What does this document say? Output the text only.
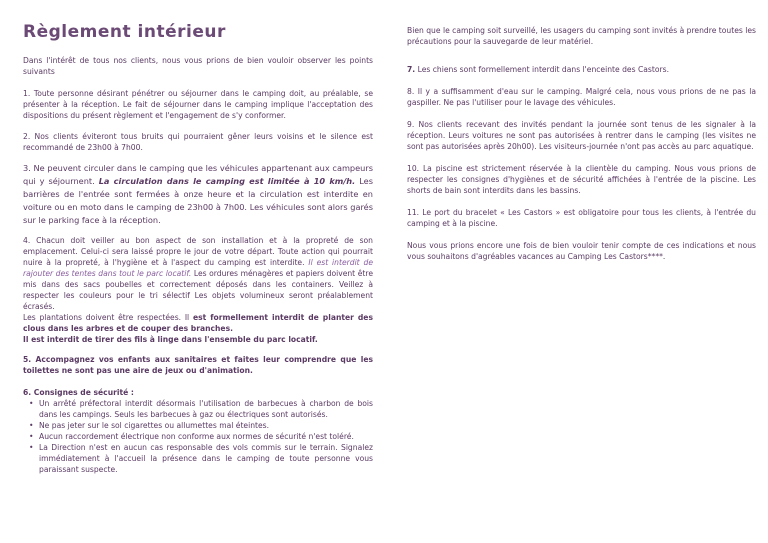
Règlement intérieur

Dans l'intérêt de tous nos clients, nous vous prions de bien vouloir observer les points suivants

1. Toute personne désirant pénétrer ou séjourner dans le camping doit, au préalable, se présenter à la réception. Le fait de séjourner dans le camping implique l'acceptation des dispositions du présent règlement et l'engagement de s'y conformer.

2. Nos clients éviteront tous bruits qui pourraient gêner leurs voisins et le silence est recommandé de 23h00 à 7h00.

3. Ne peuvent circuler dans le camping que les véhicules appartenant aux campeurs qui y séjournent. La circulation dans le camping est limitée à 10 km/h. Les barrières de l'entrée sont fermées à onze heure et la circulation est interdite en voiture ou en moto dans le camping de 23h00 à 7h00. Les véhicules sont alors garés sur le parking face à la réception.

4. Chacun doit veiller au bon aspect de son installation et à la propreté de son emplacement. Celui-ci sera laissé propre le jour de votre départ. Toute action qui pourrait nuire à la propreté, à l'hygiène et à l'aspect du camping est interdite. Il est interdit de rajouter des tentes dans tout le parc locatif. Les ordures ménagères et papiers doivent être mis dans des sacs poubelles et correctement déposés dans les containers. Veillez à respecter les couleurs pour le tri sélectif Les objets volumineux seront préalablement écrasés.
Les plantations doivent être respectées. Il est formellement interdit de planter des clous dans les arbres et de couper des branches.
Il est interdit de tirer des fils à linge dans l'ensemble du parc locatif.

5. Accompagnez vos enfants aux sanitaires et faites leur comprendre que les toilettes ne sont pas une aire de jeux ou d'animation.

6. Consignes de sécurité :
• Un arrêté préfectoral interdit désormais l'utilisation de barbecues à charbon de bois dans les campings. Seuls les barbecues à gaz ou électriques sont autorisés.
• Ne pas jeter sur le sol cigarettes ou allumettes mal éteintes.
• Aucun raccordement électrique non conforme aux normes de sécurité n'est toléré.
• La Direction n'est en aucun cas responsable des vols commis sur le terrain. Signalez immédiatement à l'accueil la présence dans le camping de toute personne vous paraissant suspecte.

Bien que le camping soit surveillé, les usagers du camping sont invités à prendre toutes les précautions pour la sauvegarde de leur matériel.

7. Les chiens sont formellement interdit dans l'enceinte des Castors.

8. Il y a suffisamment d'eau sur le camping. Malgré cela, nous vous prions de ne pas la gaspiller. Ne pas l'utiliser pour le lavage des véhicules.

9. Nos clients recevant des invités pendant la journée sont tenus de les signaler à la réception. Leurs voitures ne sont pas autorisées à rentrer dans le camping (les visites ne sont pas autorisées après 20h00). Les visiteurs-journée n'ont pas accès au parc aquatique.

10. La piscine est strictement réservée à la clientèle du camping. Nous vous prions de respecter les consignes d'hygiènes et de sécurité affichées à l'entrée de la piscine. Les shorts de bain sont interdits dans les bassins.

11. Le port du bracelet « Les Castors » est obligatoire pour tous les clients, à l'entrée du camping et à la piscine.

Nous vous prions encore une fois de bien vouloir tenir compte de ces indications et nous vous souhaitons d'agréables vacances au Camping Les Castors****.
